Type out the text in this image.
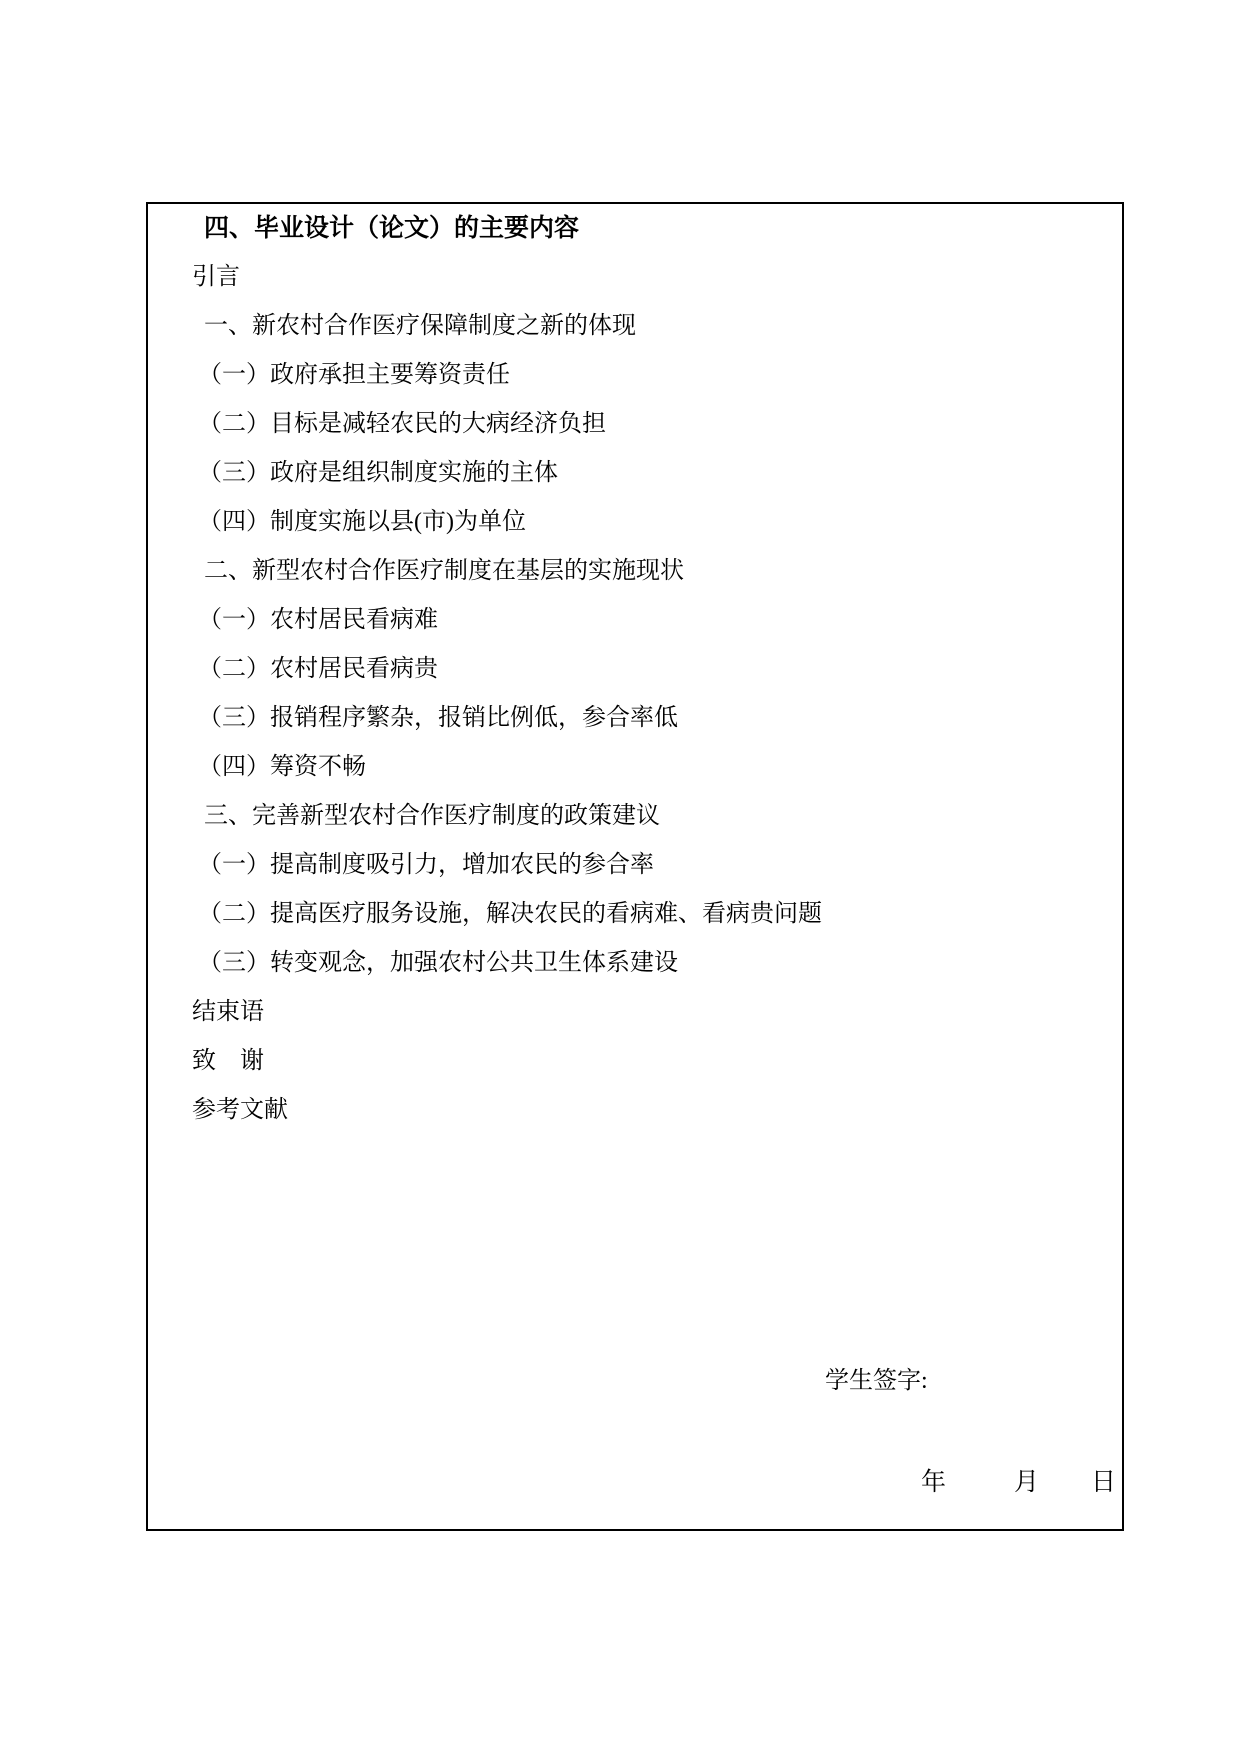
四、毕业设计（论文）的主要内容
引言
一、新农村合作医疗保障制度之新的体现
（一）政府承担主要筹资责任
（二）目标是减轻农民的大病经济负担
（三）政府是组织制度实施的主体
（四）制度实施以县(市)为单位
二、新型农村合作医疗制度在基层的实施现状
（一）农村居民看病难
（二）农村居民看病贵
（三）报销程序繁杂，报销比例低，参合率低
（四）筹资不畅
三、完善新型农村合作医疗制度的政策建议
（一）提高制度吸引力，增加农民的参合率
（二）提高医疗服务设施，解决农民的看病难、看病贵问题
（三）转变观念，加强农村公共卫生体系建设
结束语
致　谢
参考文献
学生签字:
年	月 日
